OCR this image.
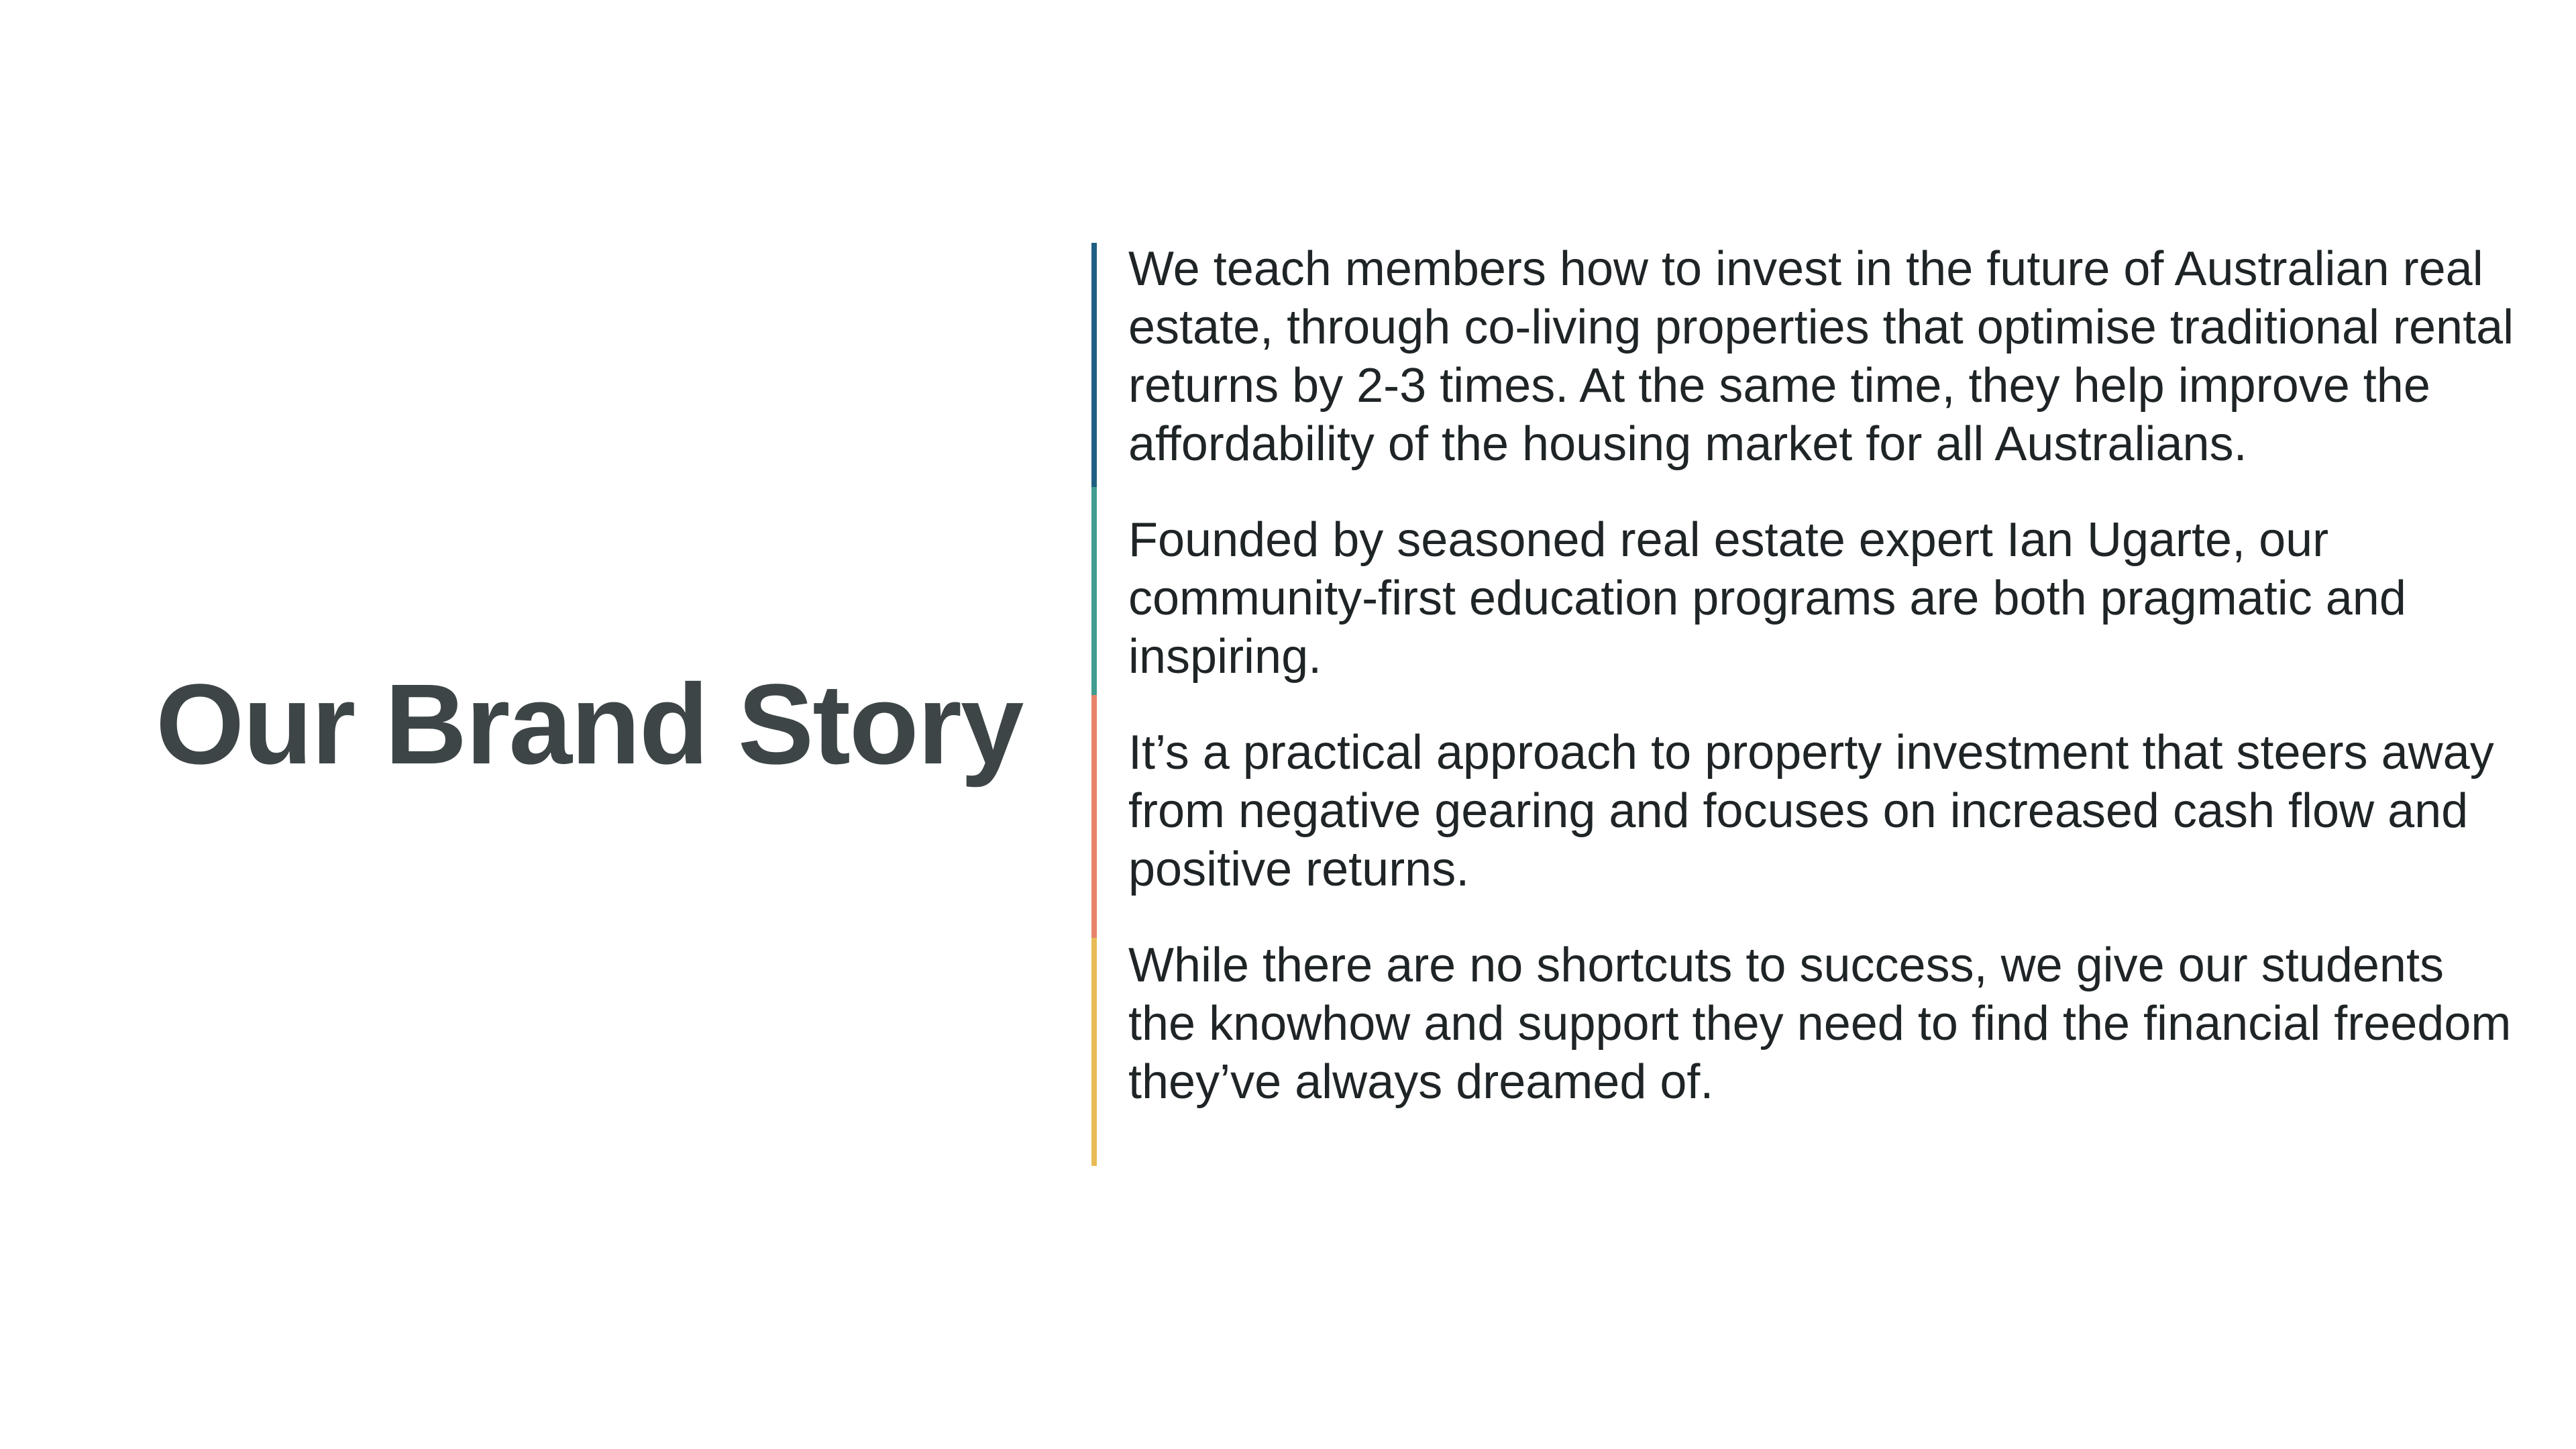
Our Brand Story

We teach members how to invest in the future of Australian real estate, through co-living properties that optimise traditional rental returns by 2-3 times. At the same time, they help improve the affordability of the housing market for all Australians.

Founded by seasoned real estate expert Ian Ugarte, our community-first education programs are both pragmatic and inspiring.

It’s a practical approach to property investment that steers away from negative gearing and focuses on increased cash flow and positive returns.

While there are no shortcuts to success, we give our students the knowhow and support they need to find the financial freedom they’ve always dreamed of.
